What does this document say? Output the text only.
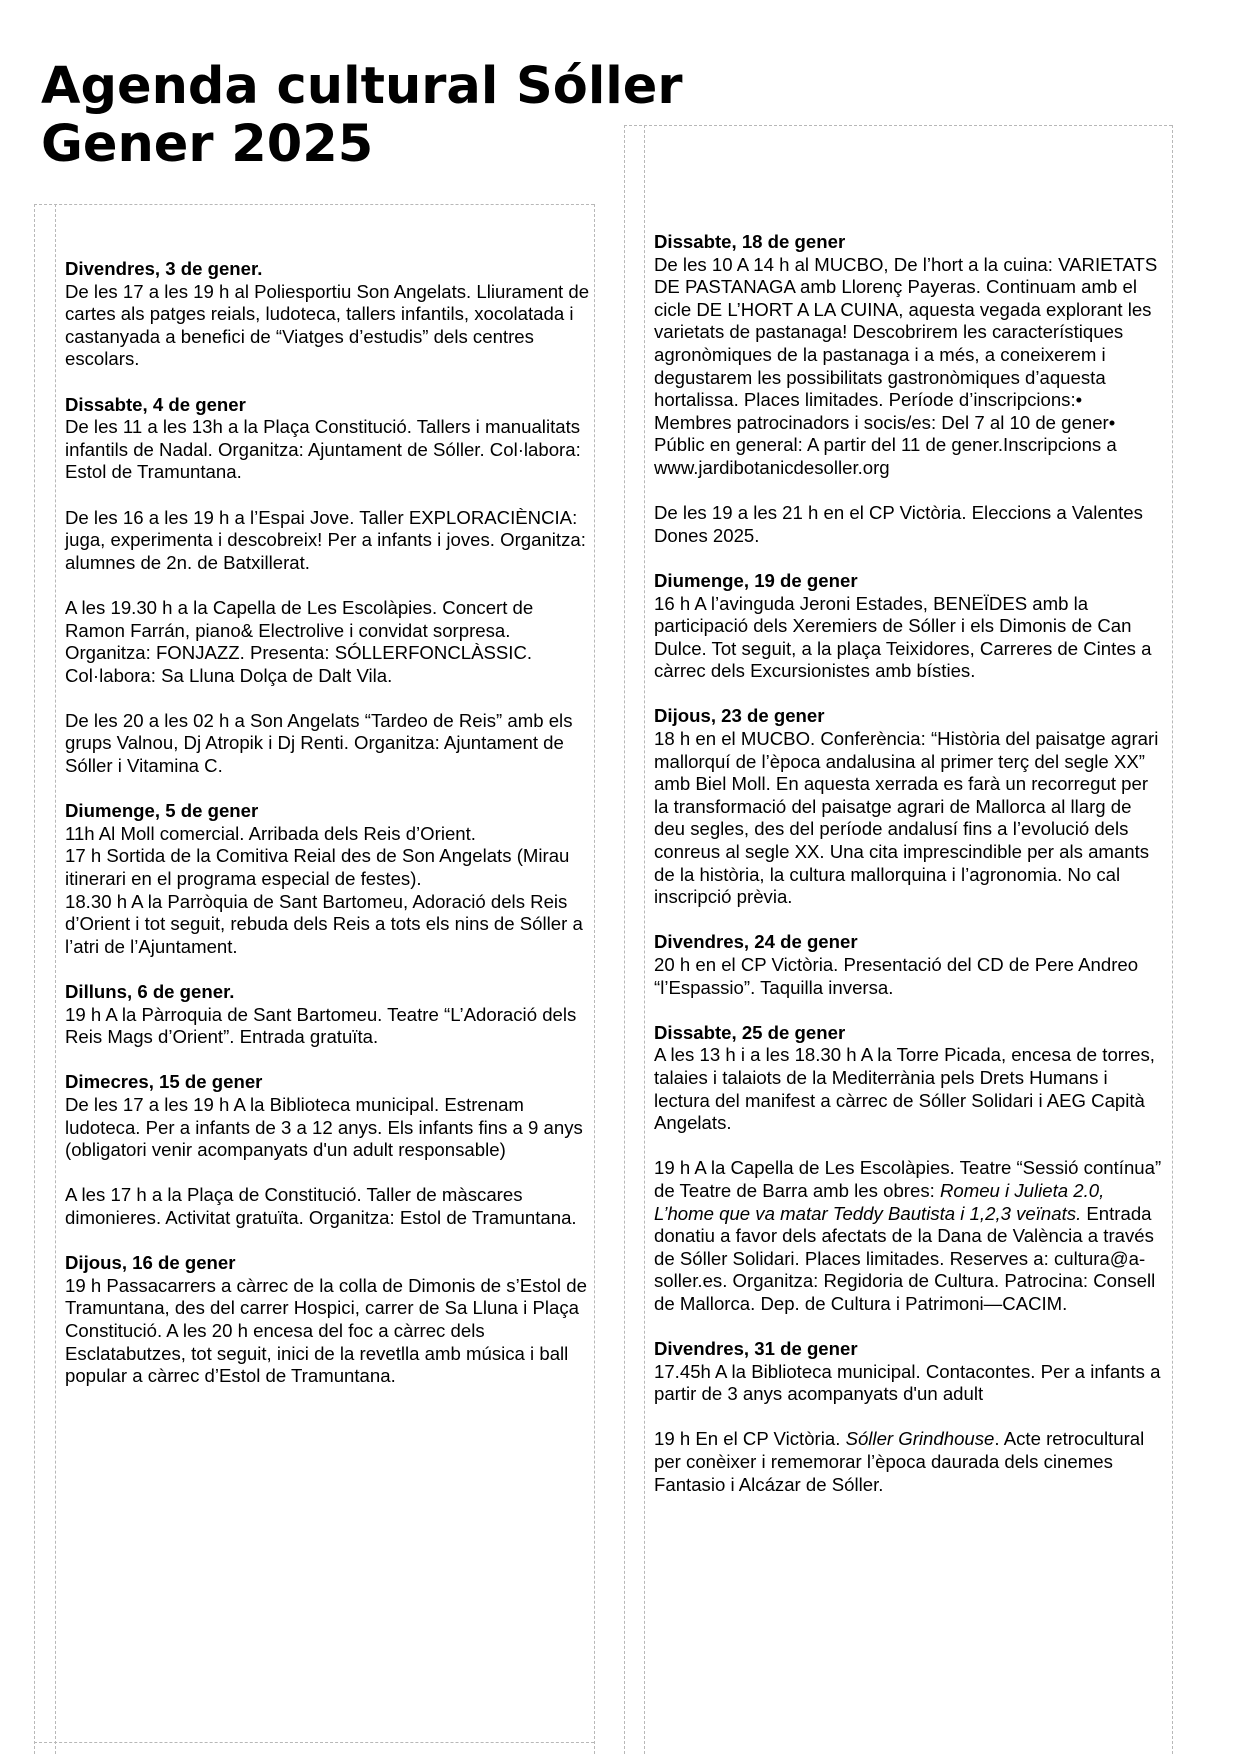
Agenda cultural Sóller
Gener 2025
Divendres, 3 de gener.
De les 17 a les 19 h al Poliesportiu Son Angelats. Lliurament de cartes als patges reials, ludoteca, tallers infantils, xocolatada i castanyada a benefici de “Viatges d’estudis” dels centres escolars.
Dissabte, 4 de gener
De les 11 a les 13h a la Plaça Constitució. Tallers i manualitats infantils de Nadal. Organitza: Ajuntament de Sóller. Col·labora: Estol de Tramuntana.
De les 16 a les 19 h a l’Espai Jove. Taller EXPLORACIÈNCIA: juga, experimenta i descobreix! Per a infants i joves. Organitza: alumnes de 2n. de Batxillerat.
A les 19.30 h a la Capella de Les Escolàpies. Concert de Ramon Farrán, piano& Electrolive i convidat sorpresa. Organitza: FONJAZZ. Presenta: SÓLLERFONCLÀSSIC. Col·labora: Sa Lluna Dolça de Dalt Vila.
De les 20 a les 02 h a Son Angelats “Tardeo de Reis” amb els grups Valnou, Dj Atropik i Dj Renti. Organitza: Ajuntament de Sóller i Vitamina C.
Diumenge, 5 de gener

11h Al Moll comercial. Arribada dels Reis d’Orient.

17 h Sortida de la Comitiva Reial des de Son Angelats (Mirau itinerari en el programa especial de festes).

18.30 h A la Parròquia de Sant Bartomeu, Adoració dels Reis d’Orient i tot seguit, rebuda dels Reis a tots els nins de Sóller a l’atri de l’Ajuntament.

Dilluns, 6 de gener.
19 h A la Pàrroquia de Sant Bartomeu. Teatre “L’Adoració dels Reis Mags d’Orient”. Entrada gratuïta.
Dimecres, 15 de gener
De les 17 a les 19 h A la Biblioteca municipal. Estrenam ludoteca. Per a infants de 3 a 12 anys. Els infants fins a 9 anys (obligatori venir acompanyats d'un adult responsable)
A les 17 h a la Plaça de Constitució. Taller de màscares dimonieres. Activitat gratuïta. Organitza: Estol de Tramuntana.
Dijous, 16 de gener
19 h Passacarrers a càrrec de la colla de Dimonis de s’Estol de Tramuntana, des del carrer Hospici, carrer de Sa Lluna i Plaça Constitució. A les 20 h encesa del foc a càrrec dels Esclatabutzes, tot seguit, inici de la revetlla amb música i ball popular a càrrec d’Estol de Tramuntana.
Dissabte, 18 de gener
De les 10 A 14 h al MUCBO, De l’hort a la cuina: VARIETATS DE PASTANAGA amb Llorenç Payeras. Continuam amb el cicle DE L’HORT A LA CUINA, aquesta vegada explorant les varietats de pastanaga! Descobrirem les característiques agronòmiques de la pastanaga i a més, a coneixerem i degustarem les possibilitats gastronòmiques d’aquesta hortalissa. Places limitades. Període d’inscripcions:• Membres patrocinadors i socis/es: Del 7 al 10 de gener• Públic en general: A partir del 11 de gener.Inscripcions a www.jardibotanicdesoller.org
De les 19 a les 21 h en el CP Victòria. Eleccions a Valentes Dones 2025.
Diumenge, 19 de gener
16 h A l’avinguda Jeroni Estades, BENEÏDES amb la participació dels Xeremiers de Sóller i els Dimonis de Can Dulce. Tot seguit, a la plaça Teixidores, Carreres de Cintes a càrrec dels Excursionistes amb bísties.
Dijous, 23 de gener
18 h en el MUCBO. Conferència: “Història del paisatge agrari mallorquí de l’època andalusina al primer terç del segle XX” amb Biel Moll. En aquesta xerrada es farà un recorregut per la transformació del paisatge agrari de Mallorca al llarg de deu segles, des del període andalusí fins a l’evolució dels conreus al segle XX. Una cita imprescindible per als amants de la història, la cultura mallorquina i l’agronomia. No cal inscripció prèvia.
Divendres, 24 de gener
20 h en el CP Victòria. Presentació del CD de Pere Andreo “l’Espassio”. Taquilla inversa.
Dissabte, 25 de gener
A les 13 h i a les 18.30 h A la Torre Picada, encesa de torres, talaies i talaiots de la Mediterrània pels Drets Humans i lectura del manifest a càrrec de Sóller Solidari i AEG Capità Angelats.
19 h A la Capella de Les Escolàpies. Teatre “Sessió contínua” de Teatre de Barra amb les obres: Romeu i Julieta 2.0, L’home que va matar Teddy Bautista i 1,2,3 veïnats. Entrada donatiu a favor dels afectats de la Dana de València a través de Sóller Solidari. Places limitades. Reserves a: cultura@a-soller.es. Organitza: Regidoria de Cultura. Patrocina: Consell de Mallorca. Dep. de Cultura i Patrimoni—CACIM.
Divendres, 31 de gener
17.45h A la Biblioteca municipal. Contacontes. Per a infants a partir de 3 anys acompanyats d'un adult
19 h En el CP Victòria. Sóller Grindhouse. Acte retrocultural per conèixer i rememorar l’època daurada dels cinemes Fantasio i Alcázar de Sóller.
